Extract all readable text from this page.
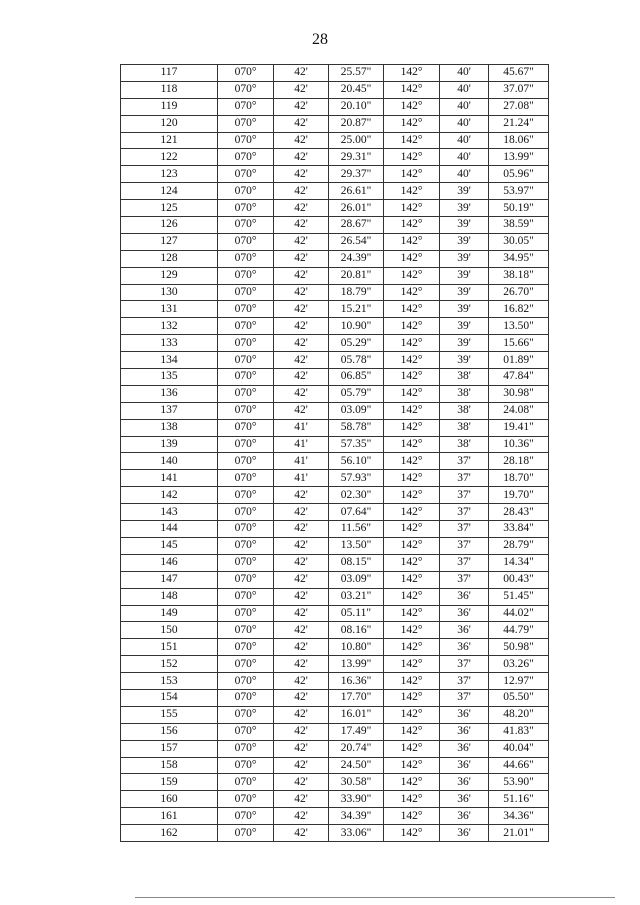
28
117	070°	42'	25.57"	142°	40'	45.67"
118	070°	42'	20.45"	142°	40'	37.07"
119	070°	42'	20.10"	142°	40'	27.08"
120	070°	42'	20.87"	142°	40'	21.24"
121	070°	42'	25.00"	142°	40'	18.06"
122	070°	42'	29.31"	142°	40'	13.99"
123	070°	42'	29.37"	142°	40'	05.96"
124	070°	42'	26.61"	142°	39'	53.97"
125	070°	42'	26.01"	142°	39'	50.19"
126	070°	42'	28.67"	142°	39'	38.59"
127	070°	42'	26.54"	142°	39'	30.05"
128	070°	42'	24.39"	142°	39'	34.95"
129	070°	42'	20.81"	142°	39'	38.18"
130	070°	42'	18.79"	142°	39'	26.70"
131	070°	42'	15.21"	142°	39'	16.82"
132	070°	42'	10.90"	142°	39'	13.50"
133	070°	42'	05.29"	142°	39'	15.66"
134	070°	42'	05.78"	142°	39'	01.89"
135	070°	42'	06.85"	142°	38'	47.84"
136	070°	42'	05.79"	142°	38'	30.98"
137	070°	42'	03.09"	142°	38'	24.08"
138	070°	41'	58.78"	142°	38'	19.41"
139	070°	41'	57.35"	142°	38'	10.36"
140	070°	41'	56.10"	142°	37'	28.18"
141	070°	41'	57.93"	142°	37'	18.70"
142	070°	42'	02.30"	142°	37'	19.70"
143	070°	42'	07.64"	142°	37'	28.43"
144	070°	42'	11.56"	142°	37'	33.84"
145	070°	42'	13.50"	142°	37'	28.79"
146	070°	42'	08.15"	142°	37'	14.34"
147	070°	42'	03.09"	142°	37'	00.43"
148	070°	42'	03.21"	142°	36'	51.45"
149	070°	42'	05.11"	142°	36'	44.02"
150	070°	42'	08.16"	142°	36'	44.79"
151	070°	42'	10.80"	142°	36'	50.98"
152	070°	42'	13.99"	142°	37'	03.26"
153	070°	42'	16.36"	142°	37'	12.97"
154	070°	42'	17.70"	142°	37'	05.50"
155	070°	42'	16.01"	142°	36'	48.20"
156	070°	42'	17.49"	142°	36'	41.83"
157	070°	42'	20.74"	142°	36'	40.04"
158	070°	42'	24.50"	142°	36'	44.66"
159	070°	42'	30.58"	142°	36'	53.90"
160	070°	42'	33.90"	142°	36'	51.16"
161	070°	42'	34.39"	142°	36'	34.36"
162	070°	42'	33.06"	142°	36'	21.01"
